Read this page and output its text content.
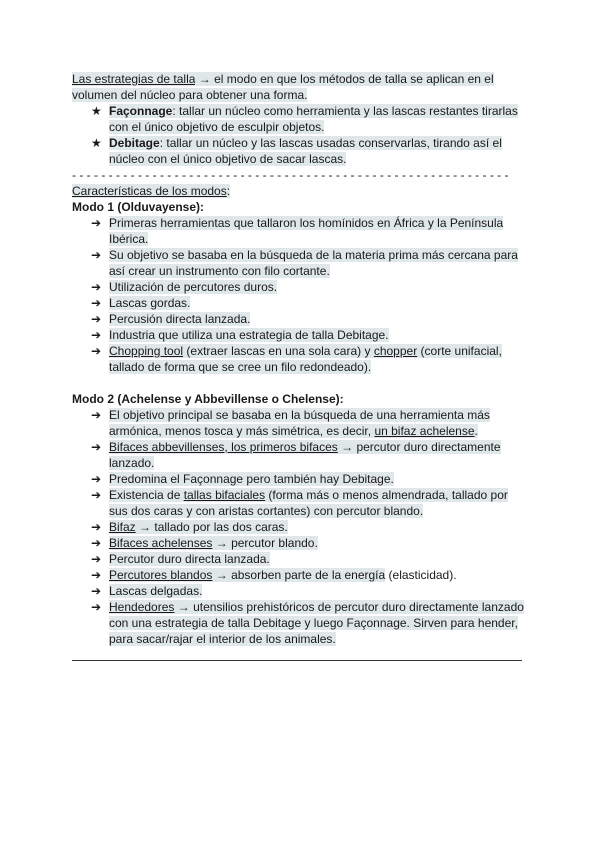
Las estrategias de talla → el modo en que los métodos de talla se aplican en el
volumen del núcleo para obtener una forma.
★ Façonnage: tallar un núcleo como herramienta y las lascas restantes tirarlas
con el único objetivo de esculpir objetos.
★ Debitage: tallar un núcleo y las lascas usadas conservarlas, tirando así el
núcleo con el único objetivo de sacar lascas.
- - - - - - - - - - - - - - - - - - - - - - - - - - - - - - - - - - - - - - - - - - - - - - - - - - - - - - - - - - - -
Características de los modos:
Modo 1 (Olduvayense):
➔ Primeras herramientas que tallaron los homínidos en África y la Península
Ibérica.
➔ Su objetivo se basaba en la búsqueda de la materia prima más cercana para
así crear un instrumento con filo cortante.
➔ Utilización de percutores duros.
➔ Lascas gordas.
➔ Percusión directa lanzada.
➔ Industria que utiliza una estrategia de talla Debitage.
➔ Chopping tool (extraer lascas en una sola cara) y chopper (corte unifacial,
tallado de forma que se cree un filo redondeado).
Modo 2 (Achelense y Abbevillense o Chelense):
➔ El objetivo principal se basaba en la búsqueda de una herramienta más
armónica, menos tosca y más simétrica, es decir, un bifaz achelense.
➔ Bifaces abbevillenses, los primeros bifaces → percutor duro directamente
lanzado.
➔ Predomina el Façonnage pero también hay Debitage.
➔ Existencia de tallas bifaciales (forma más o menos almendrada, tallado por
sus dos caras y con aristas cortantes) con percutor blando.
➔ Bifaz → tallado por las dos caras.
➔ Bifaces achelenses → percutor blando.
➔ Percutor duro directa lanzada.
➔ Percutores blandos → absorben parte de la energía (elasticidad).
➔ Lascas delgadas.
➔ Hendedores → utensilios prehistóricos de percutor duro directamente lanzado
con una estrategia de talla Debitage y luego Façonnage. Sirven para hender,
para sacar/rajar el interior de los animales.
